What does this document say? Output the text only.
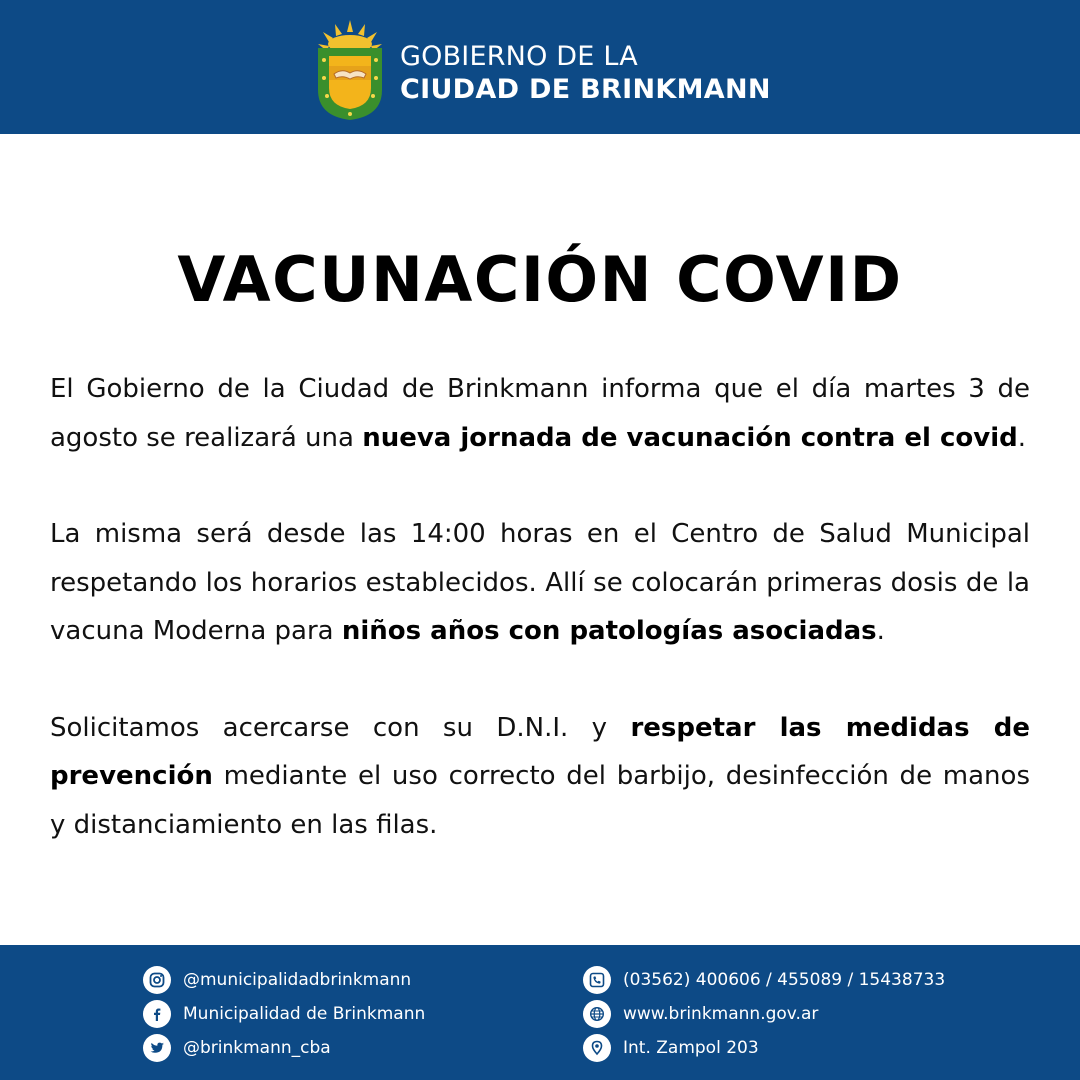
GOBIERNO DE LA
CIUDAD DE BRINKMANN
VACUNACIÓN COVID

El Gobierno de la Ciudad de Brinkmann informa que el día martes 3 de agosto se realizará una nueva jornada de vacunación contra el covid.

La misma será desde las 14:00 horas en el Centro de Salud Municipal respetando los horarios establecidos. Allí se colocarán primeras dosis de la vacuna Moderna para niños años con patologías asociadas.

Solicitamos acercarse con su D.N.I. y respetar las medidas de prevención mediante el uso correcto del barbijo, desinfección de manos y distanciamiento en las filas.

@municipalidadbrinkmann
Municipalidad de Brinkmann
@brinkmann_cba
(03562) 400606 / 455089 / 15438733
www.brinkmann.gov.ar
Int. Zampol 203
